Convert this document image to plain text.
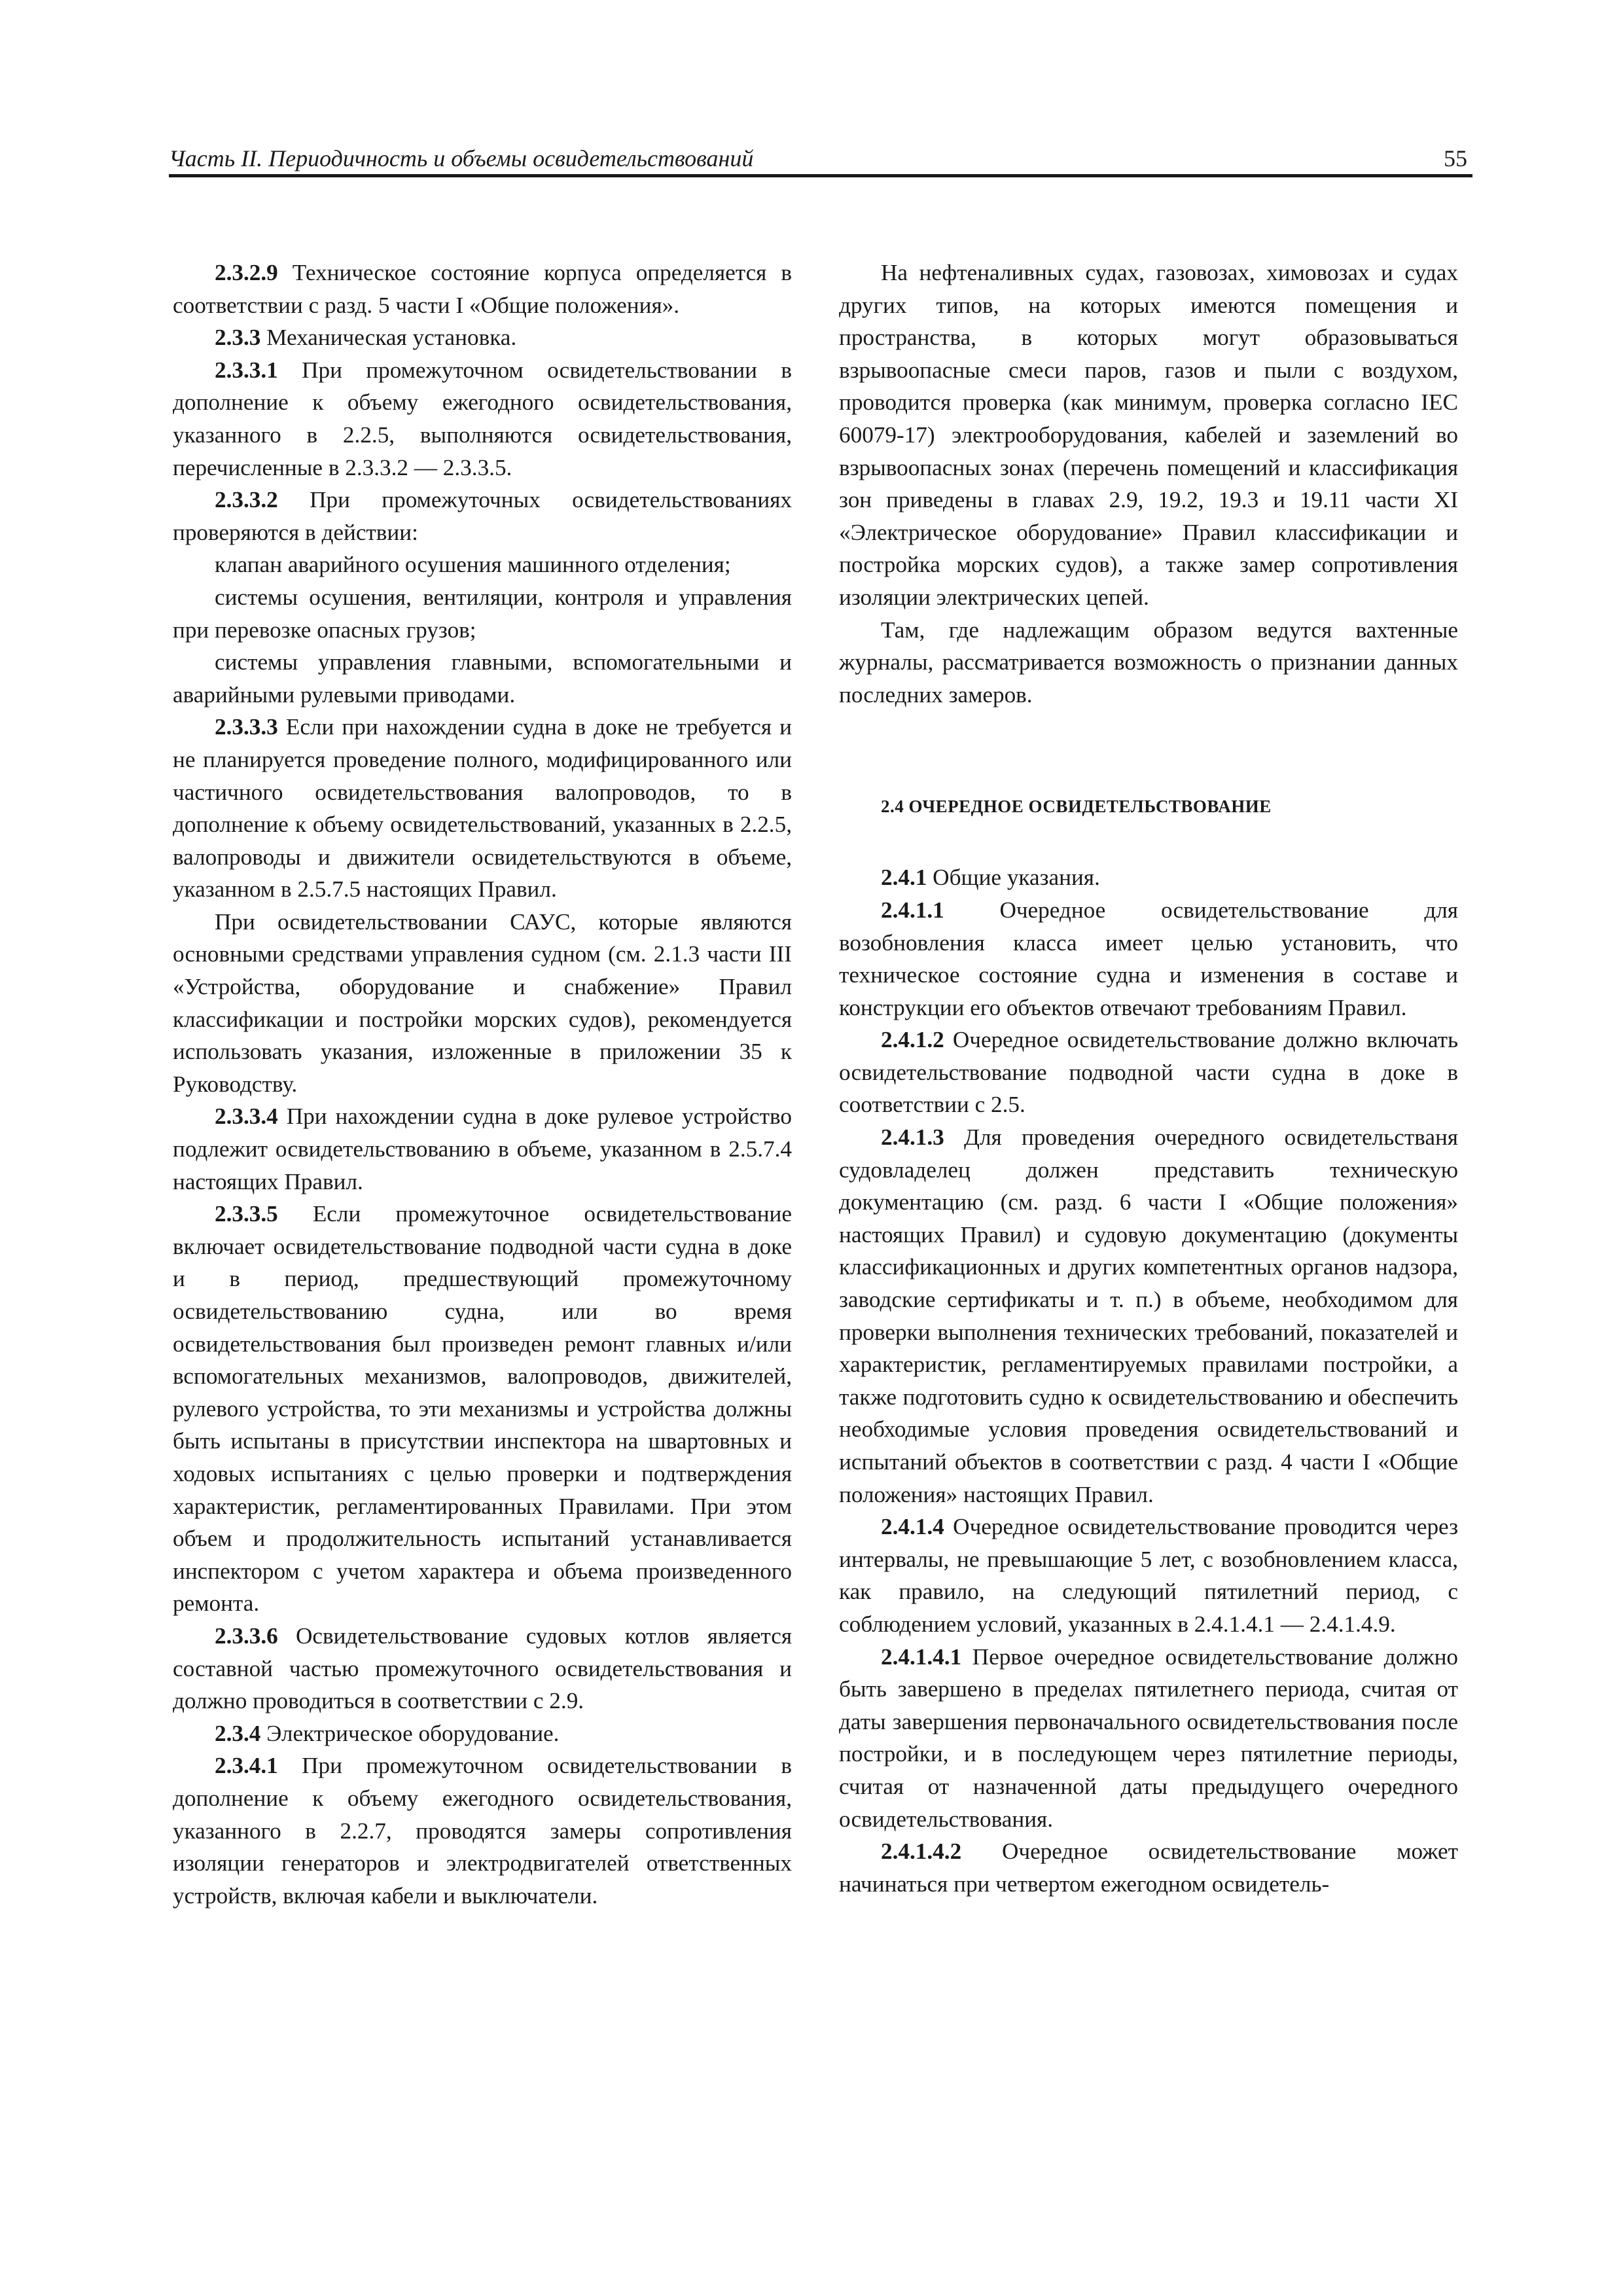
Часть II. Периодичность и объемы освидетельствований	55

2.3.2.9 Техническое состояние корпуса определяется в соответствии с разд. 5 части I «Общие положения».

2.3.3 Механическая установка.

2.3.3.1 При промежуточном освидетельствовании в дополнение к объему ежегодного освидетельствования, указанного в 2.2.5, выполняются освидетельствования, перечисленные в 2.3.3.2 — 2.3.3.5.

2.3.3.2 При промежуточных освидетельствованиях проверяются в действии:

клапан аварийного осушения машинного отделения;

системы осушения, вентиляции, контроля и управления при перевозке опасных грузов;

системы управления главными, вспомогательными и аварийными рулевыми приводами.

2.3.3.3 Если при нахождении судна в доке не требуется и не планируется проведение полного, модифицированного или частичного освидетельствования валопроводов, то в дополнение к объему освидетельствований, указанных в 2.2.5, валопроводы и движители освидетельствуются в объеме, указанном в 2.5.7.5 настоящих Правил.

При освидетельствовании САУС, которые являются основными средствами управления судном (см. 2.1.3 части III «Устройства, оборудование и снабжение» Правил классификации и постройки морских судов), рекомендуется использовать указания, изложенные в приложении 35 к Руководству.

2.3.3.4 При нахождении судна в доке рулевое устройство подлежит освидетельствованию в объеме, указанном в 2.5.7.4 настоящих Правил.

2.3.3.5 Если промежуточное освидетельствование включает освидетельствование подводной части судна в доке и в период, предшествующий промежуточному освидетельствованию судна, или во время освидетельствования был произведен ремонт главных и/или вспомогательных механизмов, валопроводов, движителей, рулевого устройства, то эти механизмы и устройства должны быть испытаны в присутствии инспектора на швартовных и ходовых испытаниях с целью проверки и подтверждения характеристик, регламентированных Правилами. При этом объем и продолжительность испытаний устанавливается инспектором с учетом характера и объема произведенного ремонта.

2.3.3.6 Освидетельствование судовых котлов является составной частью промежуточного освидетельствования и должно проводиться в соответствии с 2.9.

2.3.4 Электрическое оборудование.

2.3.4.1 При промежуточном освидетельствовании в дополнение к объему ежегодного освидетельствования, указанного в 2.2.7, проводятся замеры сопротивления изоляции генераторов и электродвигателей ответственных устройств, включая кабели и выключатели.

На нефтеналивных судах, газовозах, химовозах и судах других типов, на которых имеются помещения и пространства, в которых могут образовываться взрывоопасные смеси паров, газов и пыли с воздухом, проводится проверка (как минимум, проверка согласно IEC 60079-17) электрооборудования, кабелей и заземлений во взрывоопасных зонах (перечень помещений и классификация зон приведены в главах 2.9, 19.2, 19.3 и 19.11 части XI «Электрическое оборудование» Правил классификации и постройка морских судов), а также замер сопротивления изоляции электрических цепей.

Там, где надлежащим образом ведутся вахтенные журналы, рассматривается возможность о признании данных последних замеров.

2.4 ОЧЕРЕДНОЕ ОСВИДЕТЕЛЬСТВОВАНИЕ

2.4.1 Общие указания.

2.4.1.1 Очередное освидетельствование для возобновления класса имеет целью установить, что техническое состояние судна и изменения в составе и конструкции его объектов отвечают требованиям Правил.

2.4.1.2 Очередное освидетельствование должно включать освидетельствование подводной части судна в доке в соответствии с 2.5.

2.4.1.3 Для проведения очередного освидетельстваня судовладелец должен представить техническую документацию (см. разд. 6 части I «Общие положения» настоящих Правил) и судовую документацию (документы классификационных и других компетентных органов надзора, заводские сертификаты и т. п.) в объеме, необходимом для проверки выполнения технических требований, показателей и характеристик, регламентируемых правилами постройки, а также подготовить судно к освидетельствованию и обеспечить необходимые условия проведения освидетельствований и испытаний объектов в соответствии с разд. 4 части I «Общие положения» настоящих Правил.

2.4.1.4 Очередное освидетельствование проводится через интервалы, не превышающие 5 лет, с возобновлением класса, как правило, на следующий пятилетний период, с соблюдением условий, указанных в 2.4.1.4.1 — 2.4.1.4.9.

2.4.1.4.1 Первое очередное освидетельствование должно быть завершено в пределах пятилетнего периода, считая от даты завершения первоначального освидетельствования после постройки, и в последующем через пятилетние периоды, считая от назначенной даты предыдущего очередного освидетельствования.

2.4.1.4.2 Очередное освидетельствование может начинаться при четвертом ежегодном освидетель-
